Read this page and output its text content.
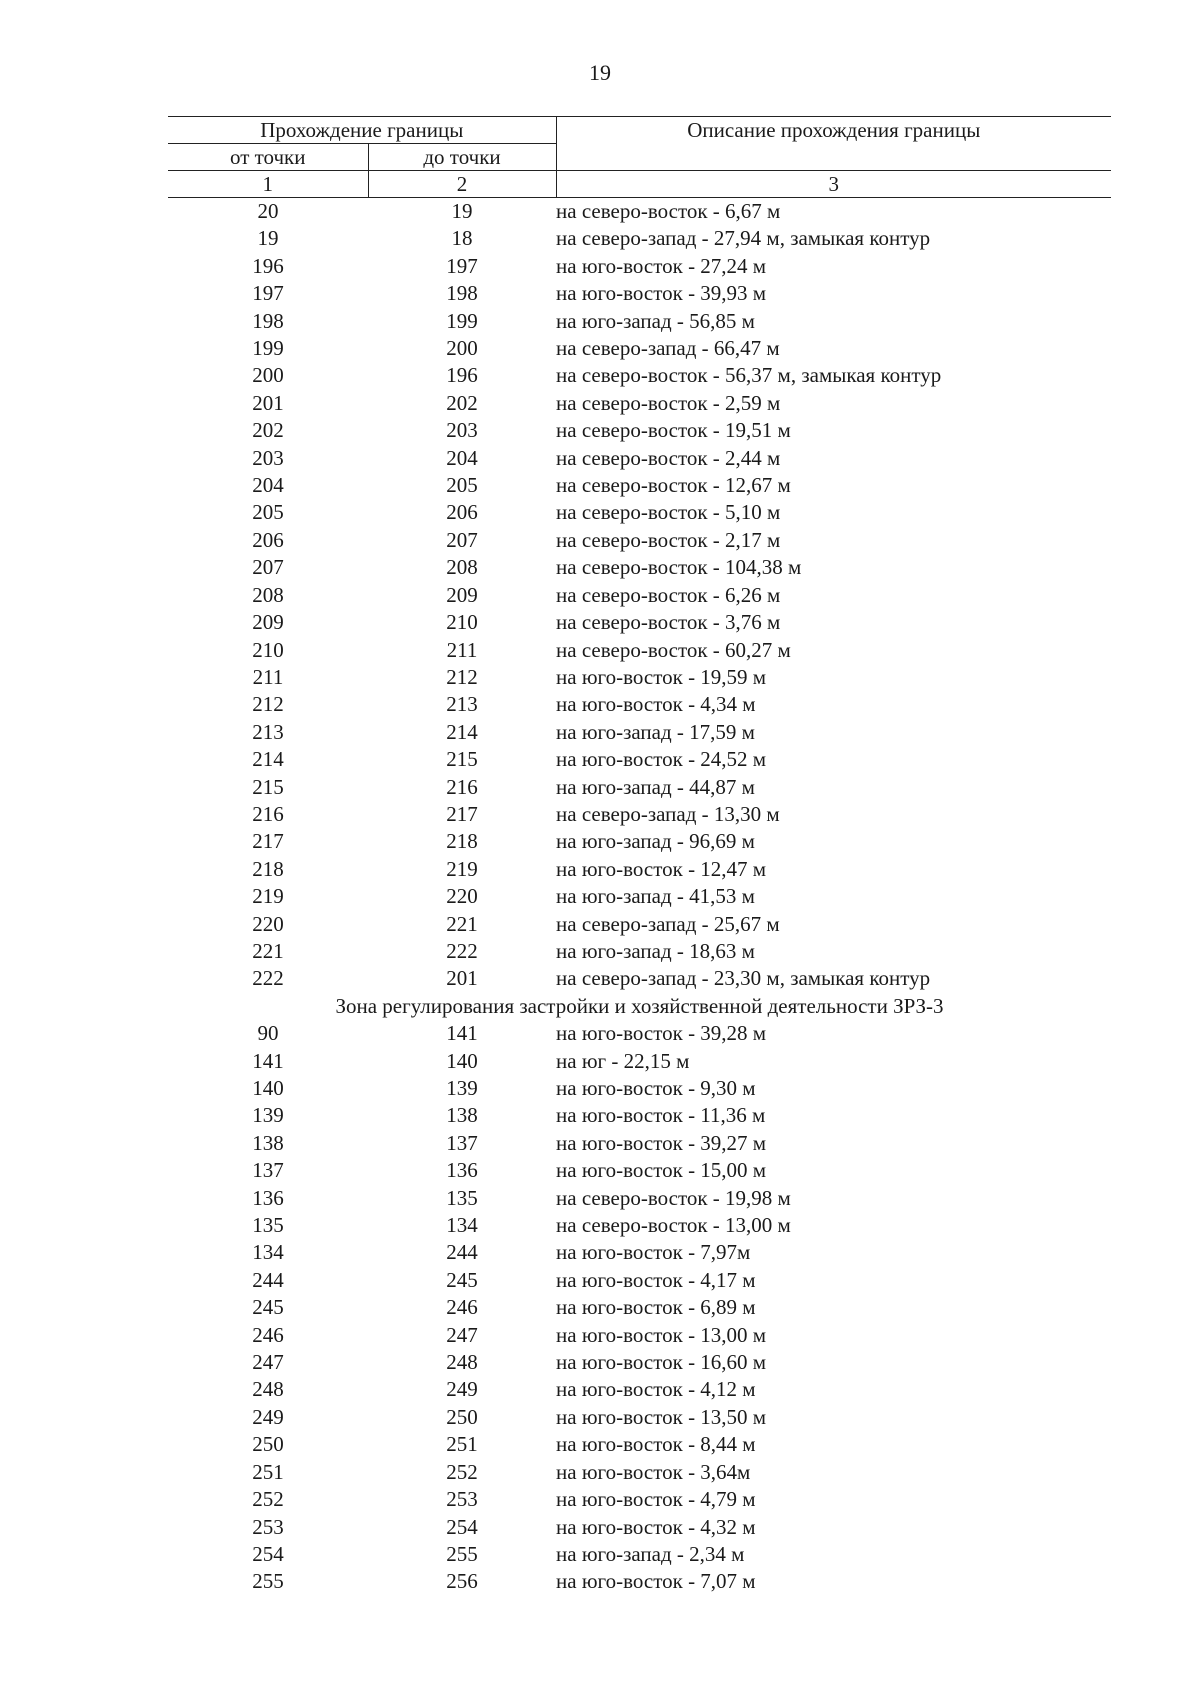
19
Прохождение границы		Описание прохождения границы
от точки	до точки	
1	2	3
20	19	на северо-восток - 6,67 м
19	18	на северо-запад - 27,94 м, замыкая контур
196	197	на юго-восток - 27,24 м
197	198	на юго-восток - 39,93 м
198	199	на юго-запад - 56,85 м
199	200	на северо-запад - 66,47 м
200	196	на северо-восток - 56,37 м, замыкая контур
201	202	на северо-восток - 2,59 м
202	203	на северо-восток - 19,51 м
203	204	на северо-восток - 2,44 м
204	205	на северо-восток - 12,67 м
205	206	на северо-восток - 5,10 м
206	207	на северо-восток - 2,17 м
207	208	на северо-восток - 104,38 м
208	209	на северо-восток - 6,26 м
209	210	на северо-восток - 3,76 м
210	211	на северо-восток - 60,27 м
211	212	на юго-восток - 19,59 м
212	213	на юго-восток - 4,34 м
213	214	на юго-запад - 17,59 м
214	215	на юго-восток - 24,52 м
215	216	на юго-запад - 44,87 м
216	217	на северо-запад - 13,30 м
217	218	на юго-запад - 96,69 м
218	219	на юго-восток - 12,47 м
219	220	на юго-запад - 41,53 м
220	221	на северо-запад - 25,67 м
221	222	на юго-запад - 18,63 м
222	201	на северо-запад - 23,30 м, замыкая контур
Зона регулирования застройки и хозяйственной деятельности ЗРЗ-3		
90	141	на юго-восток - 39,28 м
141	140	на юг - 22,15 м
140	139	на юго-восток - 9,30 м
139	138	на юго-восток - 11,36 м
138	137	на юго-восток - 39,27 м
137	136	на юго-восток - 15,00 м
136	135	на северо-восток - 19,98 м
135	134	на северо-восток - 13,00 м
134	244	на юго-восток - 7,97м
244	245	на юго-восток - 4,17 м
245	246	на юго-восток - 6,89 м
246	247	на юго-восток - 13,00 м
247	248	на юго-восток - 16,60 м
248	249	на юго-восток - 4,12 м
249	250	на юго-восток - 13,50 м
250	251	на юго-восток - 8,44 м
251	252	на юго-восток - 3,64м
252	253	на юго-восток - 4,79 м
253	254	на юго-восток - 4,32 м
254	255	на юго-запад - 2,34 м
255	256	на юго-восток - 7,07 м
